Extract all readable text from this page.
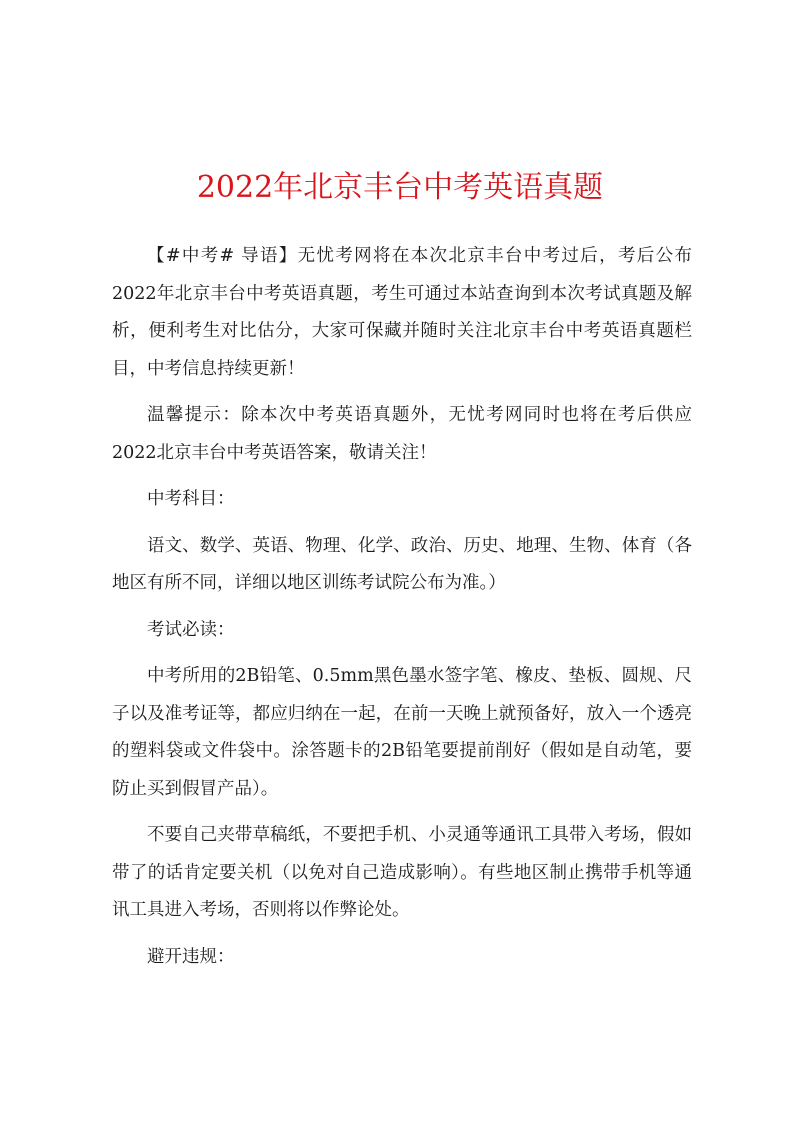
2022年北京丰台中考英语真题

【#中考# 导语】无忧考网将在本次北京丰台中考过后，考后公布2022年北京丰台中考英语真题，考生可通过本站查询到本次考试真题及解析，便利考生对比估分，大家可保藏并随时关注北京丰台中考英语真题栏目，中考信息持续更新！

温馨提示：除本次中考英语真题外，无忧考网同时也将在考后供应2022北京丰台中考英语答案，敬请关注！

中考科目：

语文、数学、英语、物理、化学、政治、历史、地理、生物、体育（各地区有所不同，详细以地区训练考试院公布为准。）

考试必读：

中考所用的2B铅笔、0.5mm黑色墨水签字笔、橡皮、垫板、圆规、尺子以及准考证等，都应归纳在一起，在前一天晚上就预备好，放入一个透亮的塑料袋或文件袋中。涂答题卡的2B铅笔要提前削好（假如是自动笔，要防止买到假冒产品）。

不要自己夹带草稿纸，不要把手机、小灵通等通讯工具带入考场，假如带了的话肯定要关机（以免对自己造成影响）。有些地区制止携带手机等通讯工具进入考场，否则将以作弊论处。

避开违规：
